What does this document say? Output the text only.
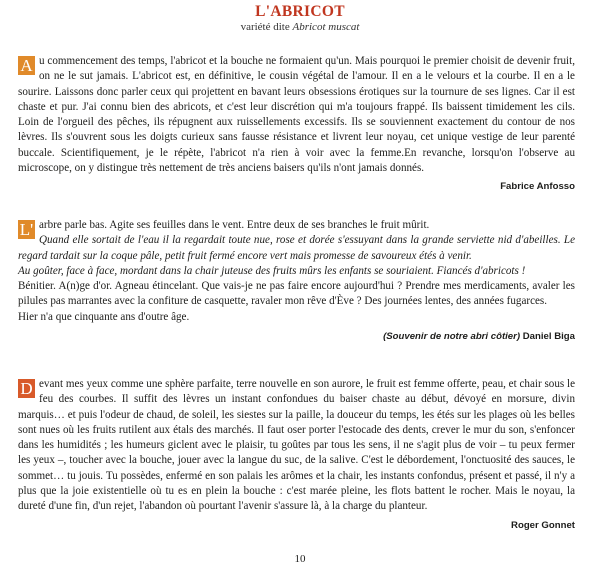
L'ABRICOT
variété dite Abricot muscat

A u commencement des temps, l'abricot et la bouche ne formaient qu'un. Mais pourquoi le premier choisit de devenir fruit, on ne le sut jamais. L'abricot est, en définitive, le cousin végétal de l'amour. Il en a le velours et la courbe. Il en a le sourire. Laissons donc parler ceux qui projettent en bavant leurs obsessions érotiques sur la tournure de ses lignes. Car il est chaste et pur. J'ai connu bien des abricots, et c'est leur discrétion qui m'a toujours frappé. Ils baissent timidement les cils. Loin de l'orgueil des pêches, ils répugnent aux ruissellements excessifs. Ils se souviennent exactement du contour de nos lèvres. Ils s'ouvrent sous les doigts curieux sans fausse résistance et livrent leur noyau, cet unique vestige de leur parenté buccale. Scientifiquement, je le répète, l'abricot n'a rien à voir avec la femme.En revanche, lorsqu'on l'observe au microscope, on y distingue très nettement de très anciens baisers qu'ils n'ont jamais donnés.

Fabrice Anfosso

L' arbre parle bas. Agite ses feuilles dans le vent. Entre deux de ses branches le fruit mûrit.

Quand elle sortait de l'eau il la regardait toute nue, rose et dorée s'essuyant dans la grande serviette nid d'abeilles. Le regard tardait sur la coque pâle, petit fruit fermé encore vert mais promesse de savoureux étés à venir.

Au goûter, face à face, mordant dans la chair juteuse des fruits mûrs les enfants se souriaient. Fiancés d'abricots !

Bénitier. A(n)ge d'or. Agneau étincelant. Que vais-je ne pas faire encore aujourd'hui ? Prendre mes merdicaments, avaler les pilules pas marrantes avec la confiture de casquette, ravaler mon rêve d'Ève ? Des journées lentes, des années fugarces.

Hier n'a que cinquante ans d'outre âge.

(Souvenir de notre abri côtier) Daniel Biga

D evant mes yeux comme une sphère parfaite, terre nouvelle en son aurore, le fruit est femme offerte, peau, et chair sous le feu des courbes. Il suffit des lèvres un instant confondues du baiser chaste au début, dévoyé en morsure, divin marquis… et puis l'odeur de chaud, de soleil, les siestes sur la paille, la douceur du temps, les étés sur les plages où les belles sont nues où les fruits rutilent aux étals des marchés. Il faut oser porter l'estocade des dents, crever le mur du son, s'enfoncer dans les humidités ; les humeurs giclent avec le plaisir, tu goûtes par tous les sens, il ne s'agit plus de voir – tu peux fermer les yeux –, toucher avec la bouche, jouer avec la langue du suc, de la salive. C'est le débordement, l'onctuosité des sauces, le sommet… tu jouis. Tu possèdes, enfermé en son palais les arômes et la chair, les instants confondus, présent et passé, il n'y a plus que la joie existentielle où tu es en plein la bouche : c'est marée pleine, les flots battent le rocher. Mais le noyau, la dureté d'une fin, d'un rejet, l'abandon où pourtant l'avenir s'assure là, à la charge du planteur.

Roger Gonnet
10
